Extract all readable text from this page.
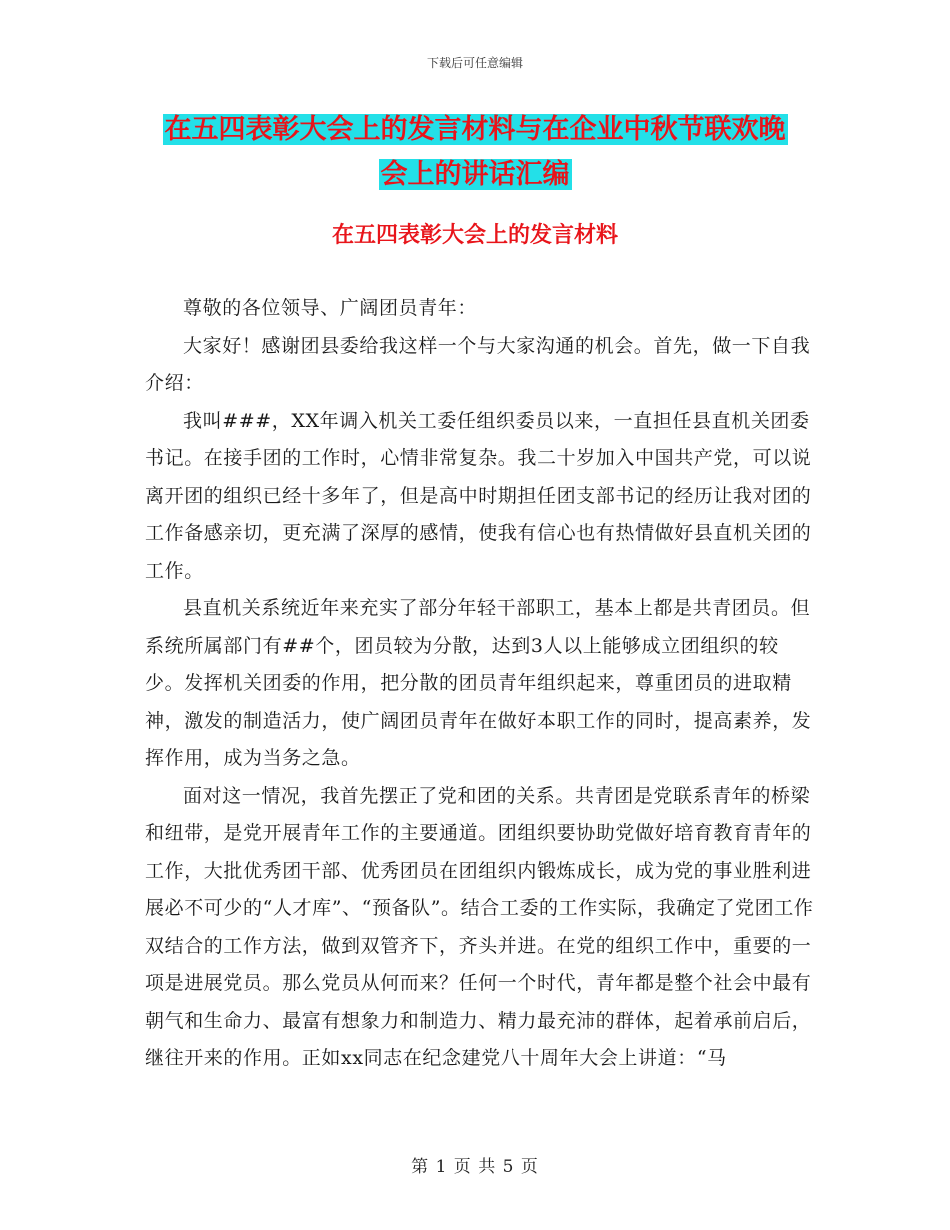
下载后可任意编辑
在五四表彰大会上的发言材料与在企业中秋节联欢晚
会上的讲话汇编
在五四表彰大会上的发言材料

尊敬的各位领导、广阔团员青年：

大家好！感谢团县委给我这样一个与大家沟通的机会。首先，做一下自我介绍：

我叫###，XX年调入机关工委任组织委员以来，一直担任县直机关团委书记。在接手团的工作时，心情非常复杂。我二十岁加入中国共产党，可以说离开团的组织已经十多年了，但是高中时期担任团支部书记的经历让我对团的工作备感亲切，更充满了深厚的感情，使我有信心也有热情做好县直机关团的工作。

县直机关系统近年来充实了部分年轻干部职工，基本上都是共青团员。但系统所属部门有##个，团员较为分散，达到3人以上能够成立团组织的较少。发挥机关团委的作用，把分散的团员青年组织起来，尊重团员的进取精神，激发的制造活力，使广阔团员青年在做好本职工作的同时，提高素养，发挥作用，成为当务之急。

面对这一情况，我首先摆正了党和团的关系。共青团是党联系青年的桥梁和纽带，是党开展青年工作的主要通道。团组织要协助党做好培育教育青年的工作，大批优秀团干部、优秀团员在团组织内锻炼成长，成为党的事业胜利进展必不可少的“人才库”、“预备队”。结合工委的工作实际，我确定了党团工作双结合的工作方法，做到双管齐下，齐头并进。在党的组织工作中，重要的一项是进展党员。那么党员从何而来？任何一个时代，青年都是整个社会中最有朝气和生命力、最富有想象力和制造力、精力最充沛的群体，起着承前启后，继往开来的作用。正如xx同志在纪念建党八十周年大会上讲道：“马

第 1 页 共 5 页
